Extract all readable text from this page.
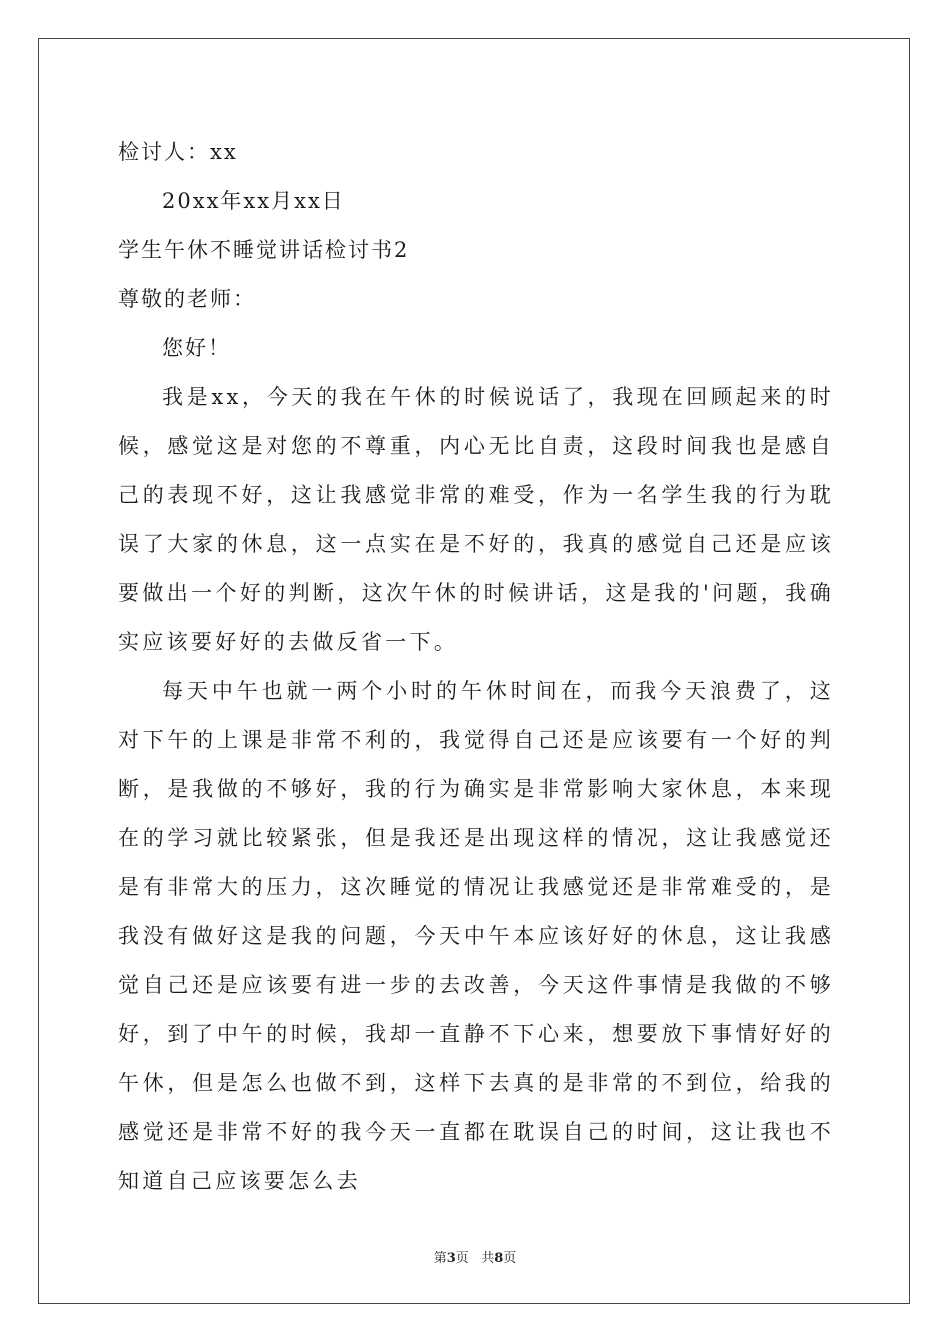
检讨人：xx
20xx年xx月xx日
学生午休不睡觉讲话检讨书2
尊敬的老师：
您好！

我是xx，今天的我在午休的时候说话了，我现在回顾起来的时候，感觉这是对您的不尊重，内心无比自责，这段时间我也是感自己的表现不好，这让我感觉非常的难受，作为一名学生我的行为耽误了大家的休息，这一点实在是不好的，我真的感觉自己还是应该要做出一个好的判断，这次午休的时候讲话，这是我的'问题，我确实应该要好好的去做反省一下。

每天中午也就一两个小时的午休时间在，而我今天浪费了，这对下午的上课是非常不利的，我觉得自己还是应该要有一个好的判断，是我做的不够好，我的行为确实是非常影响大家休息，本来现在的学习就比较紧张，但是我还是出现这样的情况，这让我感觉还是有非常大的压力，这次睡觉的情况让我感觉还是非常难受的，是我没有做好这是我的问题，今天中午本应该好好的休息，这让我感觉自己还是应该要有进一步的去改善，今天这件事情是我做的不够好，到了中午的时候，我却一直静不下心来，想要放下事情好好的午休，但是怎么也做不到，这样下去真的是非常的不到位，给我的感觉还是非常不好的我今天一直都在耽误自己的时间，这让我也不知道自己应该要怎么去

第3页 共8页
